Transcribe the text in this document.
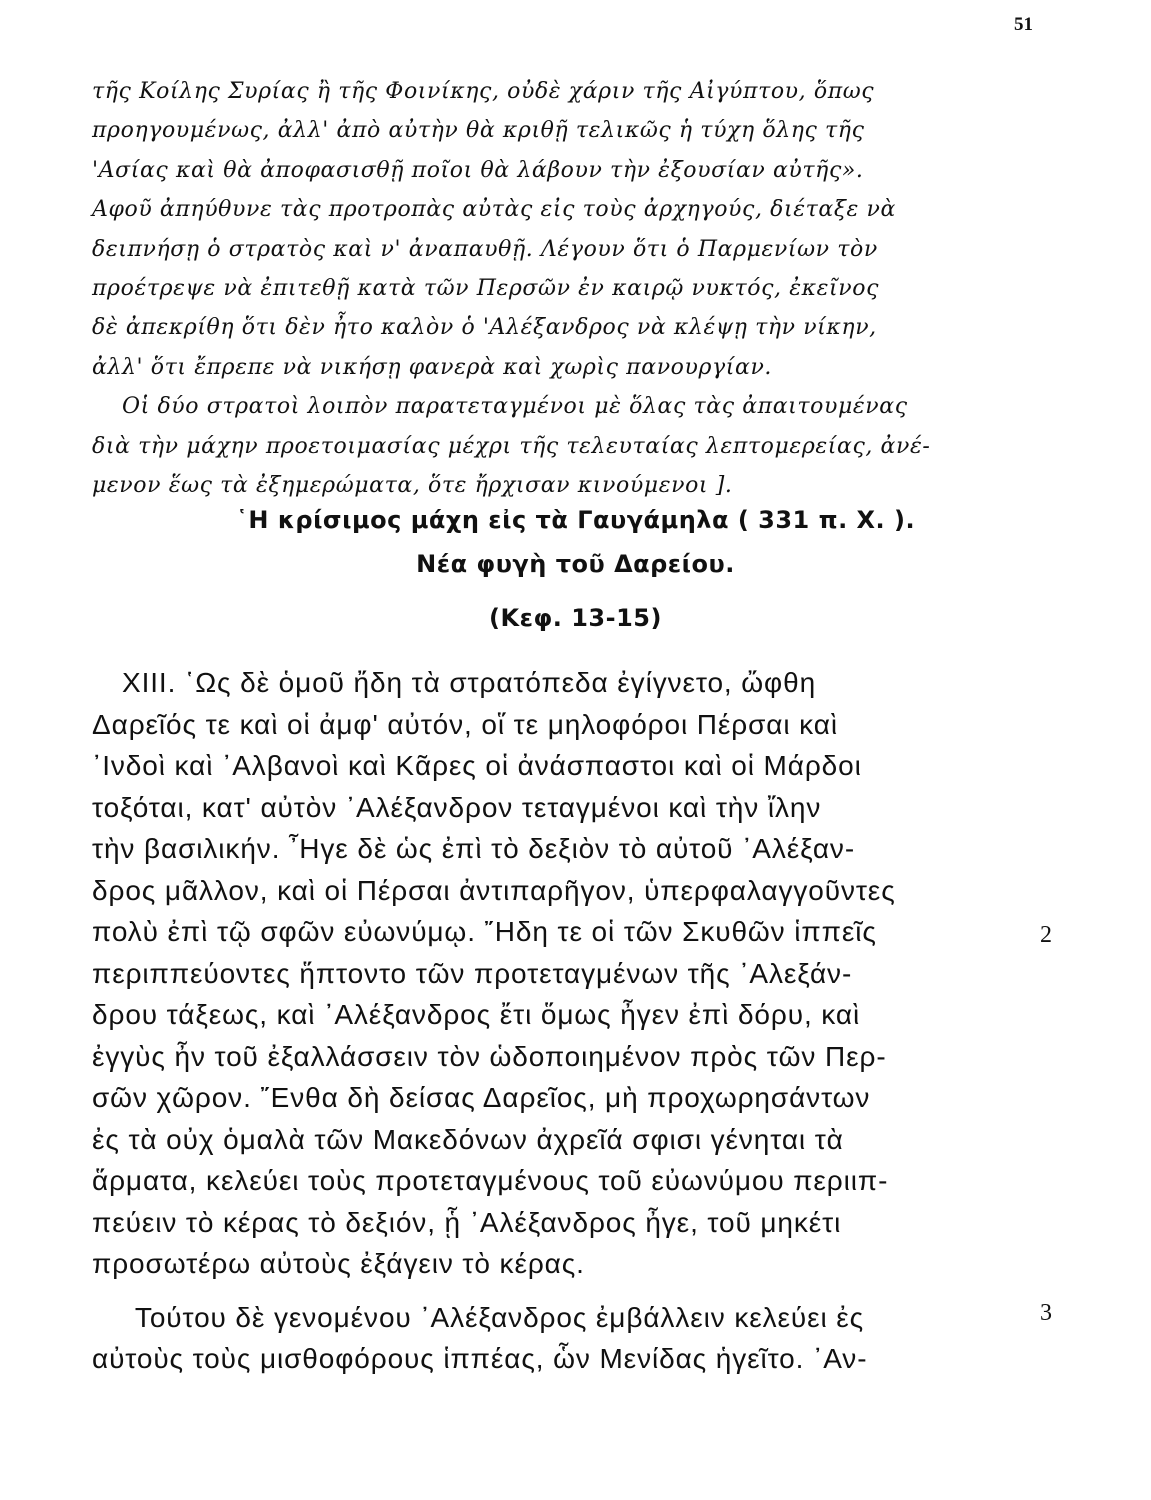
51
τῆς Κοίλης Συρίας ἢ τῆς Φοινίκης, οὐδὲ χάριν τῆς Αἰγύπτου, ὅπως
προηγουμένως, ἀλλ' ἀπὸ αὐτὴν θὰ κριθῇ τελικῶς ἡ τύχη ὅλης τῆς
'Ασίας καὶ θὰ ἀποφασισθῇ ποῖοι θὰ λάβουν τὴν ἐξουσίαν αὐτῆς».
Αφοῦ ἀπηύθυνε τὰς προτροπὰς αὐτὰς εἰς τοὺς ἀρχηγούς, διέταξε νὰ
δειπνήσῃ ὁ στρατὸς καὶ ν' ἀναπαυθῇ. Λέγουν ὅτι ὁ Παρμενίων τὸν
προέτρεψε νὰ ἐπιτεθῇ κατὰ τῶν Περσῶν ἐν καιρῷ νυκτός, ἐκεῖνος
δὲ ἀπεκρίθη ὅτι δὲν ἦτο καλὸν ὁ 'Αλέξανδρος νὰ κλέψῃ τὴν νίκην,
ἀλλ' ὅτι ἔπρεπε νὰ νικήσῃ φανερὰ καὶ χωρὶς πανουργίαν.
Οἱ δύο στρατοὶ λοιπὸν παρατεταγμένοι μὲ ὅλας τὰς ἀπαιτουμένας
διὰ τὴν μάχην προετοιμασίας μέχρι τῆς τελευταίας λεπτομερείας, ἀνέ-
μενον ἕως τὰ ἐξημερώματα, ὅτε ἤρχισαν κινούμενοι ].
῾Η κρίσιμος μάχη εἰς τὰ Γαυγάμηλα ( 331 π. Χ. ).
Νέα φυγὴ τοῦ Δαρείου.
(Κεφ. 13-15)
XIII. ῾Ως δὲ ὁμοῦ ἤδη τὰ στρατόπεδα ἐγίγνετο, ὤφθη
Δαρεῖός τε καὶ οἱ ἀμφ' αὐτόν, οἵ τε μηλοφόροι Πέρσαι καὶ
᾿Ινδοὶ καὶ ᾿Αλβανοὶ καὶ Κᾶρες οἱ ἀνάσπαστοι καὶ οἱ Μάρδοι
τοξόται, κατ' αὐτὸν ᾿Αλέξανδρον τεταγμένοι καὶ τὴν ἴλην
τὴν βασιλικήν. ῏Ηγε δὲ ὡς ἐπὶ τὸ δεξιὸν τὸ αὐτοῦ ᾿Αλέξαν-
δρος μᾶλλον, καὶ οἱ Πέρσαι ἀντιπαρῆγον, ὑπερφαλαγγοῦντες
πολὺ ἐπὶ τῷ σφῶν εὐωνύμῳ. ῎Ηδη τε οἱ τῶν Σκυθῶν ἱππεῖς
περιππεύοντες ἥπτοντο τῶν προτεταγμένων τῆς ᾿Αλεξάν-
δρου τάξεως, καὶ ᾿Αλέξανδρος ἔτι ὅμως ἦγεν ἐπὶ δόρυ, καὶ
ἐγγὺς ἦν τοῦ ἐξαλλάσσειν τὸν ὡδοποιημένον πρὸς τῶν Περ-
σῶν χῶρον. ῎Ενθα δὴ δείσας Δαρεῖος, μὴ προχωρησάντων
ἐς τὰ οὐχ ὁμαλὰ τῶν Μακεδόνων ἀχρεῖά σφισι γένηται τὰ
ἅρματα, κελεύει τοὺς προτεταγμένους τοῦ εὐωνύμου περιιπ-
πεύειν τὸ κέρας τὸ δεξιόν, ᾗ ᾿Αλέξανδρος ἦγε, τοῦ μηκέτι
προσωτέρω αὐτοὺς ἐξάγειν τὸ κέρας.
Τούτου δὲ γενομένου ᾿Αλέξανδρος ἐμβάλλειν κελεύει ἐς
αὐτοὺς τοὺς μισθοφόρους ἱππέας, ὧν Μενίδας ἡγεῖτο. ᾿Αν-
2
3
